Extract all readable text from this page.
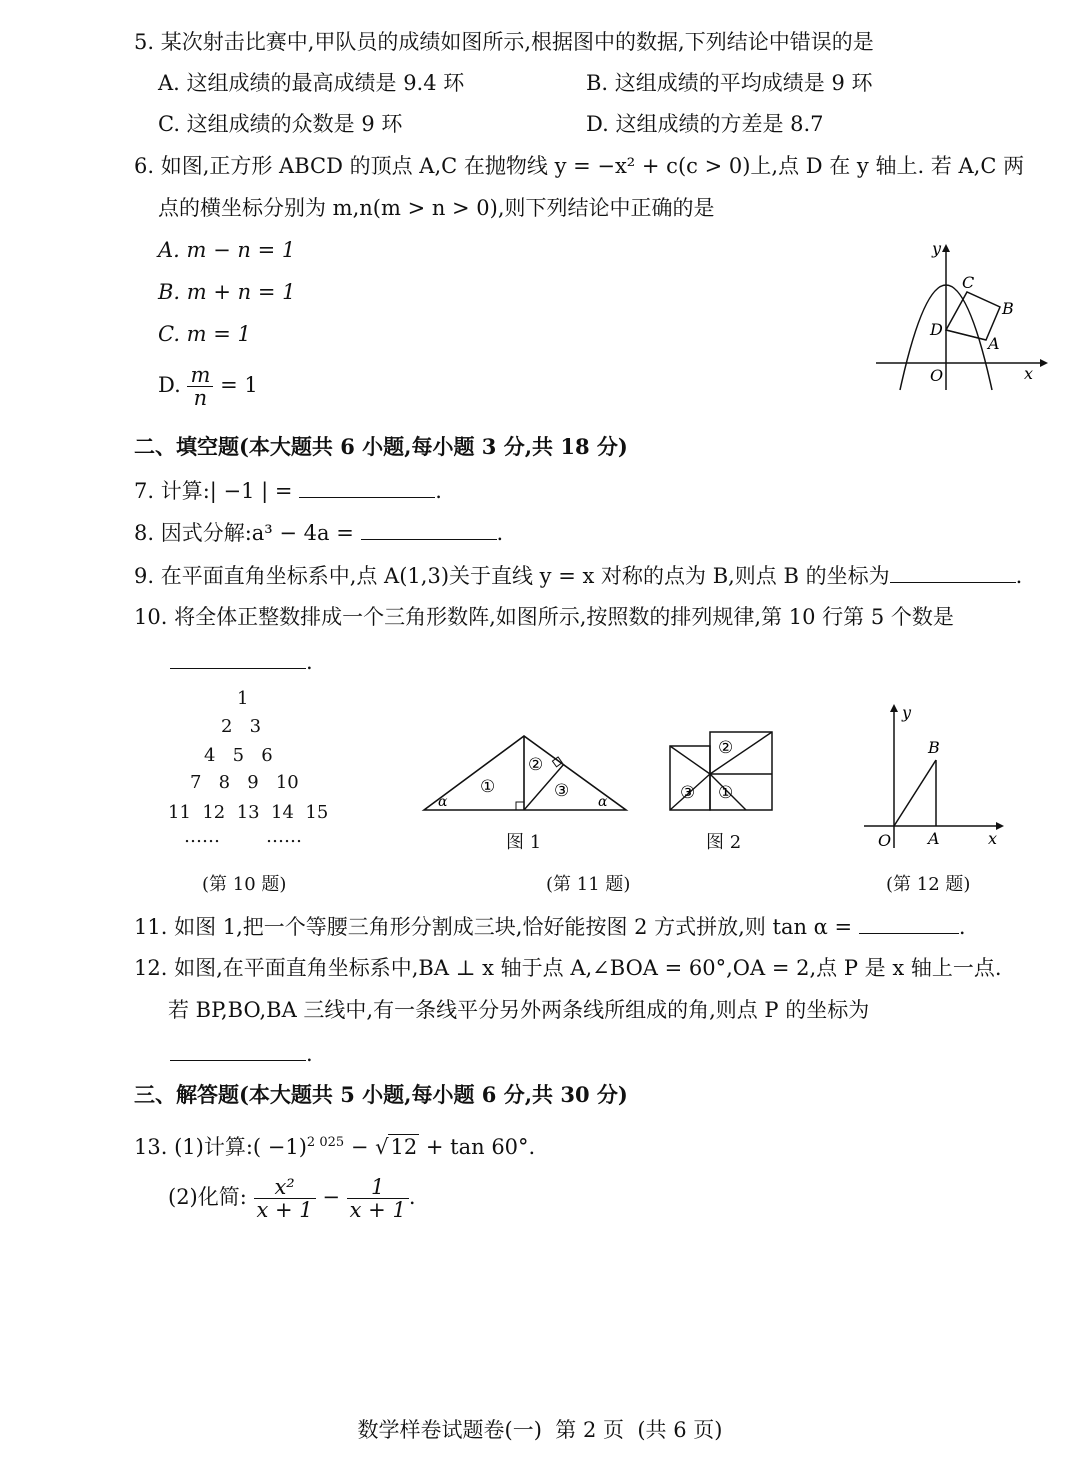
5. 某次射击比赛中,甲队员的成绩如图所示,根据图中的数据,下列结论中错误的是
A. 这组成绩的最高成绩是 9.4 环	B. 这组成绩的平均成绩是 9 环
C. 这组成绩的众数是 9 环	D. 这组成绩的方差是 8.7
6. 如图,正方形 ABCD 的顶点 A,C 在抛物线 y = −x² + c(c > 0)上,点 D 在 y 轴上. 若 A,C 两
点的横坐标分别为 m,n(m > n > 0),则下列结论中正确的是
A. m − n = 1
B. m + n = 1
C. m = 1
D. $\frac{m}{n} = 1$
y
x
O
A
B
C
D
二、填空题(本大题共 6 小题,每小题 3 分,共 18 分)
7. 计算:| −1 | =	.
8. 因式分解:a³ − 4a =	.
9. 在平面直角坐标系中,点 A(1,3)关于直线 y = x 对称的点为 B,则点 B 的坐标为	.
10. 将全体正整数排成一个三角形数阵,如图所示,按照数的排列规律,第 10 行第 5 个数是
.
1
2   3
4   5   6
7   8   9   10
11  12  13  14  15
……	……
(第 10 题)
α	α
①
②
③
②
③ ①
图 1	图 2
(第 11 题)
y
x
O A
B
(第 12 题)
11. 如图 1,把一个等腰三角形分割成三块,恰好能按图 2 方式拼放,则 tan α =	.
12. 如图,在平面直角坐标系中,BA ⊥ x 轴于点 A,∠BOA = 60°,OA = 2,点 P 是 x 轴上一点.
若 BP,BO,BA 三线中,有一条线平分另外两条线所组成的角,则点 P 的坐标为
.
三、解答题(本大题共 5 小题,每小题 6 分,共 30 分)
13. (1)计算:( −1)$^{2 025}$ − √12 + tan 60°.
(2)化简: $\frac{\text{x²}}{x + 1} - \frac{1}{x + 1}$ .
数学样卷试题卷(一)  第 2 页  (共 6 页)
